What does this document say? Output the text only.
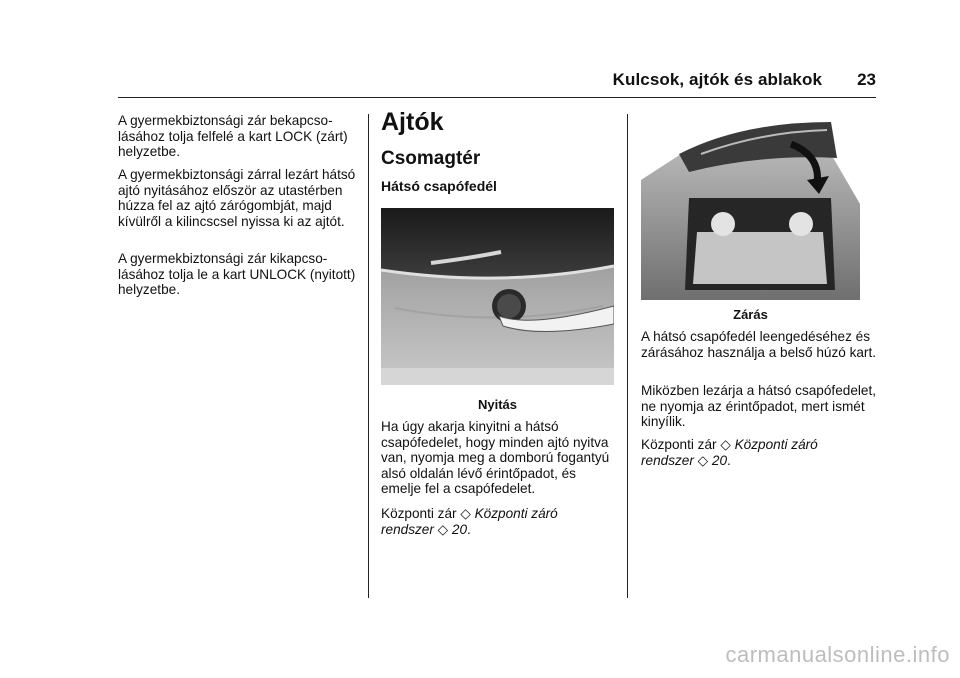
Kulcsok, ajtók és ablakok	23

A gyermekbiztonsági zár bekapcsolásához tolja felfelé a kart LOCK (zárt) helyzetbe.

A gyermekbiztonsági zárral lezárt hátsó ajtó nyitásához először az utastérben húzza fel az ajtó zárógombját, majd kívülről a kilincscsel nyissa ki az ajtót.

A gyermekbiztonsági zár kikapcsolásához tolja le a kart UNLOCK (nyitott) helyzetbe.

Ajtók
Csomagtér
Hátsó csapófedél
Nyitás

Ha úgy akarja kinyitni a hátsó csapófedelet, hogy minden ajtó nyitva van, nyomja meg a domború fogantyú alsó oldalán lévő érintőpadot, és emelje fel a csapófedelet.

Központi zár ◇ Központi záró rendszer ◇ 20.

Zárás

A hátsó csapófedél leengedéséhez és zárásához használja a belső húzó kart.

Miközben lezárja a hátsó csapófedelet, ne nyomja az érintőpadot, mert ismét kinyílik.

Központi zár ◇ Központi záró rendszer ◇ 20.

carmanualsonline.info
